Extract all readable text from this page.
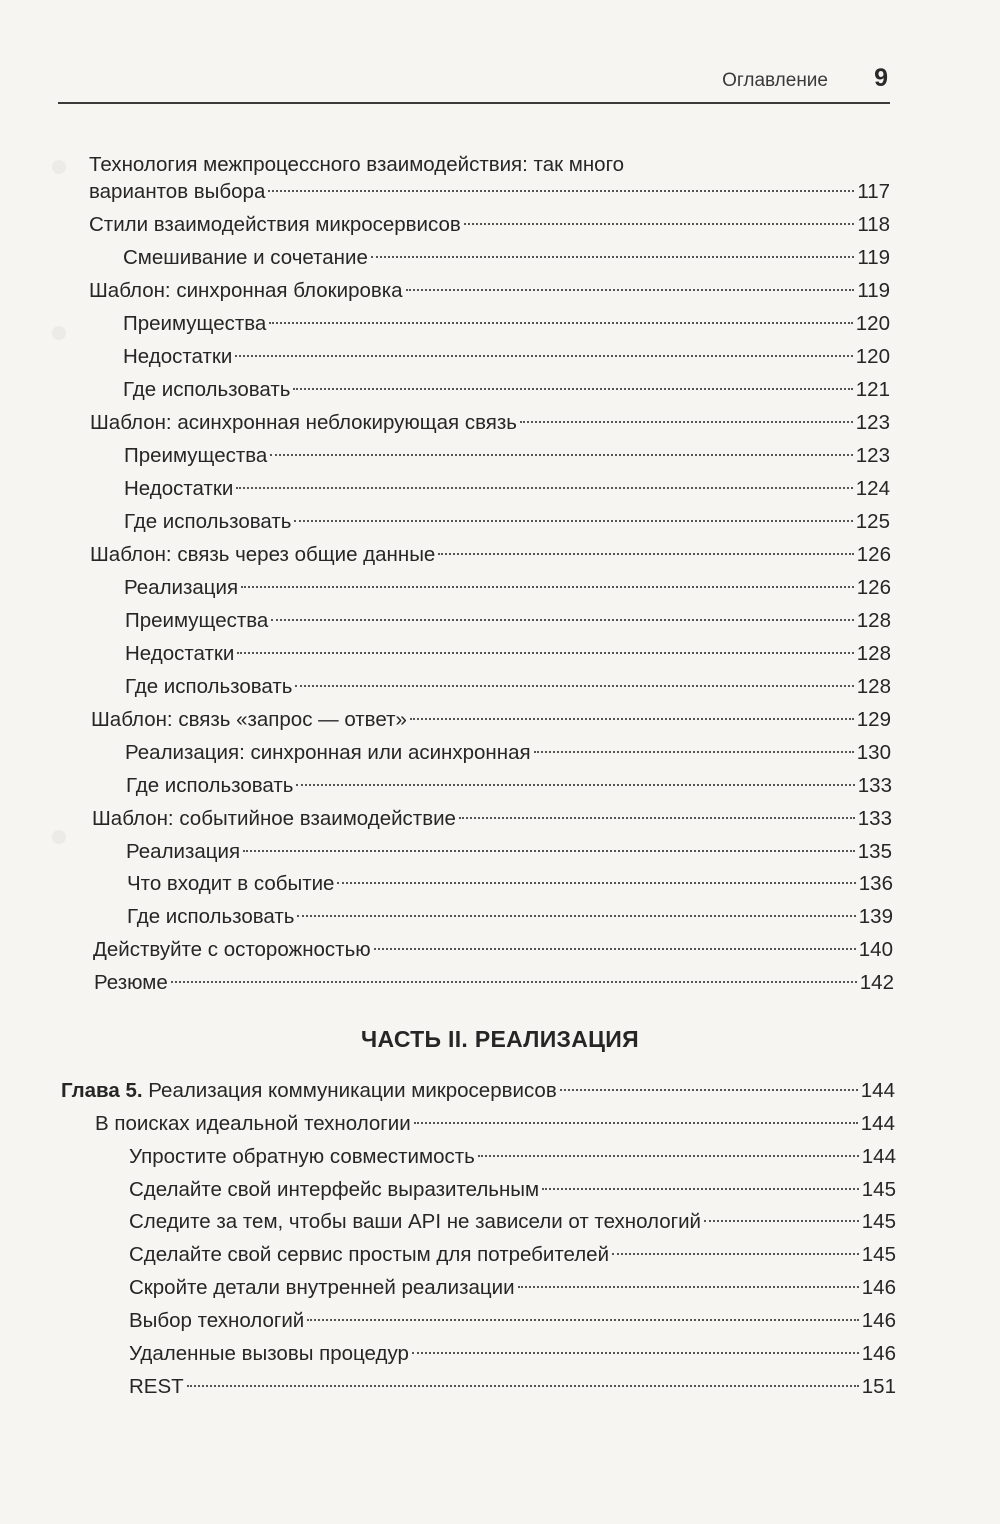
Оглавление 9
Технология межпроцессного взаимодействия: так много
вариантов выбора	117
Стили взаимодействия микросервисов	118
Смешивание и сочетание	119
Шаблон: синхронная блокировка	119
Преимущества	120
Недостатки	120
Где использовать	121
Шаблон: асинхронная неблокирующая связь	123
Преимущества	123
Недостатки	124
Где использовать	125
Шаблон: связь через общие данные	126
Реализация	126
Преимущества	128
Недостатки	128
Где использовать	128
Шаблон: связь «запрос — ответ»	129
Реализация: синхронная или асинхронная	130
Где использовать	133
Шаблон: событийное взаимодействие	133
Реализация	135
Что входит в событие	136
Где использовать	139
Действуйте с осторожностью	140
Резюме	142
ЧАСТЬ II. РЕАЛИЗАЦИЯ
Глава 5. Реализация коммуникации микросервисов	144
В поисках идеальной технологии	144
Упростите обратную совместимость	144
Сделайте свой интерфейс выразительным	145
Следите за тем, чтобы ваши API не зависели от технологий	145
Сделайте свой сервис простым для потребителей	145
Скройте детали внутренней реализации	146
Выбор технологий	146
Удаленные вызовы процедур	146
REST	151
